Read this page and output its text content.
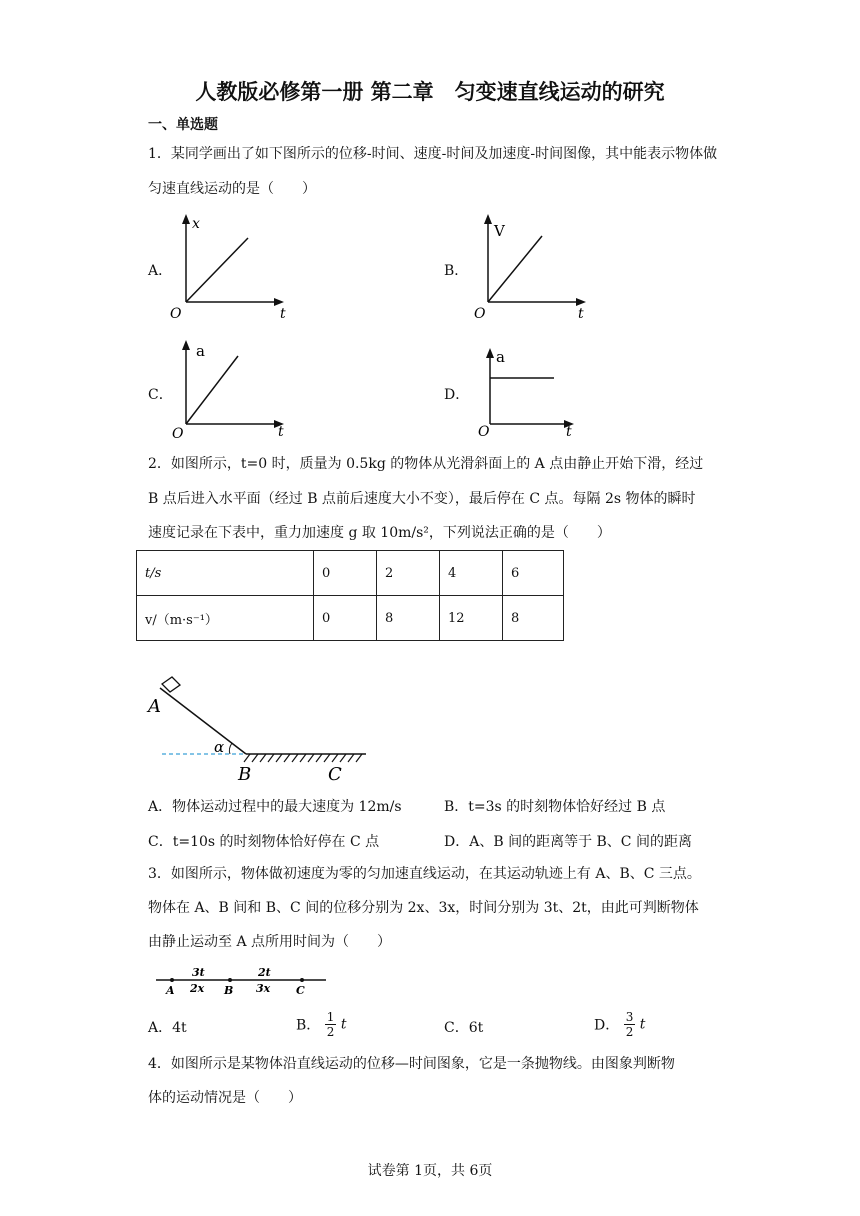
人教版必修第一册 第二章　匀变速直线运动的研究
一、单选题
1．某同学画出了如下图所示的位移-时间、速度-时间及加速度-时间图像，其中能表示物体做匀速直线运动的是（　　）
A．
x
t
O
B．
V
t
O
C．
a
t
O
D．
a
t
O
2．如图所示，t=0 时，质量为 0.5kg 的物体从光滑斜面上的 A 点由静止开始下滑，经过
B 点后进入水平面（经过 B 点前后速度大小不变），最后停在 C 点。每隔 2s 物体的瞬时
速度记录在下表中，重力加速度 g 取 10m/s²，下列说法正确的是（　　）
t/s	0	2	4	6
v/（m·s⁻¹）	0	8	12	8
A
α
B	C
A．物体运动过程中的最大速度为 12m/s	B．t=3s 的时刻物体恰好经过 B 点
C．t=10s 的时刻物体恰好停在 C 点	D．A、B 间的距离等于 B、C 间的距离
3．如图所示，物体做初速度为零的匀加速直线运动，在其运动轨迹上有 A、B、C 三点。
物体在 A、B 间和 B、C 间的位移分别为 2x、3x，时间分别为 3t、2t，由此可判断物体
由静止运动至 A 点所用时间为（　　）
3t
2x
2t
3x
A	B	C
A．4t	B． $\frac{1}{2}$ t	C．6t	D． $\frac{3}{2}$ t
4．如图所示是某物体沿直线运动的位移—时间图象，它是一条抛物线。由图象判断物
体的运动情况是（　　）
试卷第 1页，共 6页
